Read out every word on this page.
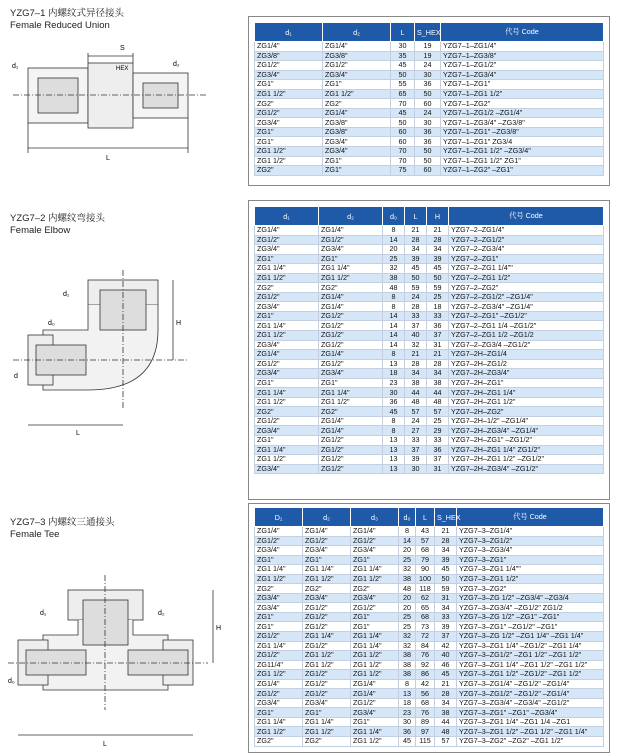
YZG7–1 内螺纹式异径接头
Female Reduced Union
S
HEX
d₁	d₂
L
d₁	d₂	L	S_HEX	代号 Code
ZG1/4"	ZG1/4"	30	19	YZG7–1–ZG1/4"
ZG3/8"	ZG3/8"	35	19	YZG7–1–ZG3/8"
ZG1/2"	ZG1/2"	45	24	YZG7–1–ZG1/2"
ZG3/4"	ZG3/4"	50	30	YZG7–1–ZG3/4"
ZG1"	ZG1"	55	36	YZG7–1–ZG1"
ZG1 1/2"	ZG1 1/2"	65	50	YZG7–1–ZG1 1/2"
ZG2"	ZG2"	70	60	YZG7–1–ZG2"
ZG1/2"	ZG1/4"	45	24	YZG7–1–ZG1/2 –ZG1/4"
ZG3/4"	ZG3/8"	50	30	YZG7–1–ZG3/4" –ZG3/8"
ZG1"	ZG3/8"	60	36	YZG7–1–ZG1" –ZG3/8"
ZG1"	ZG3/4"	60	36	YZG7–1–ZG1" ZG3/4
ZG1 1/2"	ZG3/4"	70	50	YZG7–1–ZG1 1/2" –ZG3/4"
ZG1 1/2"	ZG1"	70	50	YZG7–1–ZG1 1/2" ZG1"
ZG2"	ZG1"	75	60	YZG7–1–ZG2" –ZG1"
YZG7–2 内螺纹弯接头
Female Elbow
d₁
d₀
d
H
L
d₁	d₂	d₀	L	H	代号 Code
ZG1/4"	ZG1/4"	8	21	21	YZG7–2–ZG1/4"
ZG1/2"	ZG1/2"	14	28	28	YZG7–2–ZG1/2"
ZG3/4"	ZG3/4"	20	34	34	YZG7–2–ZG3/4"
ZG1"	ZG1"	25	39	39	YZG7–2–ZG1"
ZG1 1/4"	ZG1 1/4"	32	45	45	YZG7–2–ZG1 1/4""
ZG1 1/2"	ZG1 1/2"	38	50	50	YZG7–2–ZG1 1/2"
ZG2"	ZG2"	48	59	59	YZG7–2–ZG2"
ZG1/2"	ZG1/4"	8	24	25	YZG7–2–ZG1/2" –ZG1/4"
ZG3/4"	ZG1/4"	8	28	18	YZG7–2–ZG3/4" –ZG1/4"
ZG1"	ZG1/2"	14	33	33	YZG7–2–ZG1" –ZG1/2"
ZG1 1/4"	ZG1/2"	14	37	36	YZG7–2–ZG1 1/4 –ZG1/2"
ZG1 1/2"	ZG1/2"	14	40	37	YZG7–2–ZG1 1/2 –ZG1/2
ZG3/4"	ZG1/2"	14	32	31	YZG7–2–ZG3/4 –ZG1/2"
ZG1/4"	ZG1/4"	8	21	21	YZG7–2H–ZG1/4
ZG1/2"	ZG1/2"	13	28	28	YZG7–2H–ZG1/2
ZG3/4"	ZG3/4"	18	34	34	YZG7–2H–ZG3/4"
ZG1"	ZG1"	23	38	38	YZG7–2H–ZG1"
ZG1 1/4"	ZG1 1/4"	30	44	44	YZG7–2H–ZG1 1/4"
ZG1 1/2"	ZG1 1/2"	36	48	48	YZG7–2H–ZG1 1/2"
ZG2"	ZG2"	45	57	57	YZG7–2H–ZG2"
ZG1/2"	ZG1/4"	8	24	25	YZG7–2H–1/2" –ZG1/4"
ZG3/4"	ZG1/4"	8	27	29	YZG7–2H–ZG3/4" –ZG1/4"
ZG1"	ZG1/2"	13	33	33	YZG7–2H–ZG1" –ZG1/2"
ZG1 1/4"	ZG1/2"	13	37	36	YZG7–2H–ZG1 1/4" ZG1/2"
ZG1 1/2"	ZG1/2"	13	39	37	YZG7–2H–ZG1 1/2" –ZG1/2"
ZG3/4"	ZG1/2"	13	30	31	YZG7–2H–ZG3/4" –ZG1/2"
YZG7–3 内螺纹三通接头
Female Tee
d₁	d₂
d₀
H
L
D₁	d₂	d₃	d₀	L	S_HEX	代号 Code
ZG1/4"	ZG1/4"	ZG1/4"	8	43	21	YZG7–3–ZG1/4"
ZG1/2"	ZG1/2"	ZG1/2"	14	57	28	YZG7–3–ZG1/2"
ZG3/4"	ZG3/4"	ZG3/4"	20	68	34	YZG7–3–ZG3/4"
ZG1"	ZG1"	ZG1"	25	79	39	YZG7–3–ZG1"
ZG1 1/4"	ZG1 1/4"	ZG1 1/4"	32	90	45	YZG7–3–ZG1 1/4""
ZG1 1/2"	ZG1 1/2"	ZG1 1/2"	38	100	50	YZG7–3–ZG1 1/2"
ZG2"	ZG2"	ZG2"	48	118	59	YZG7–3–ZG2"
ZG3/4"	ZG3/4"	ZG3/4"	20	62	31	YZG7–3–ZG 1/2" –ZG3/4" –ZG3/4
ZG3/4"	ZG1/2"	ZG1/2"	20	65	34	YZG7–3–ZG3/4" –ZG1/2" ZG1/2
ZG1"	ZG1/2"	ZG1"	25	68	33	YZG7–3–ZG 1/2" –ZG1" –ZG1"
ZG1"	ZG1/2"	ZG1"	25	73	39	YZG7–3–ZG1" –ZG1/2" –ZG1"
ZG1/2"	ZG1 1/4"	ZG1 1/4"	32	72	37	YZG7–3–ZG 1/2" –ZG1 1/4" –ZG1 1/4"
ZG1 1/4"	ZG1/2"	ZG1 1/4"	32	84	42	YZG7–3–ZG1 1/4" –ZG1/2" –ZG1 1/4"
ZG1/2"	ZG1 1/2"	ZG1 1/2"	38	76	40	YZG7–3–ZG1/2" –ZG1 1/2" –ZG1 1/2"
ZG11/4"	ZG1 1/2"	ZG1 1/2"	38	92	46	YZG7–3–ZG1 1/4" –ZG1 1/2" –ZG1 1/2"
ZG1 1/2"	ZG1/2"	ZG1 1/2"	38	86	45	YZG7–3–ZG1 1/2" –ZG1/2" –ZG1 1/2"
ZG1/4"	ZG1/2"	ZG1/4"	8	42	21	YZG7–3–ZG1/4" –ZG1/2" –ZG1/4"
ZG1/2"	ZG1/2"	ZG1/4"	13	56	28	YZG7–3–ZG1/2" –ZG1/2" –ZG1/4"
ZG3/4"	ZG3/4"	ZG1/2"	18	68	34	YZG7–3–ZG3/4" –ZG3/4" –ZG1/2"
ZG1"	ZG1"	ZG3/4"	23	76	38	YZG7–3–ZG1" –ZG1" –ZG3/4"
ZG1 1/4"	ZG1 1/4"	ZG1"	30	89	44	YZG7–3–ZG1 1/4" –ZG1 1/4 –ZG1
ZG1 1/2"	ZG1 1/2"	ZG1 1/4"	36	97	48	YZG7–3–ZG1 1/2" –ZG1 1/2" –ZG1 1/4"
ZG2"	ZG2"	ZG1 1/2"	45	115	57	YZG7–3–ZG2" –ZG2" –ZG1 1/2"
